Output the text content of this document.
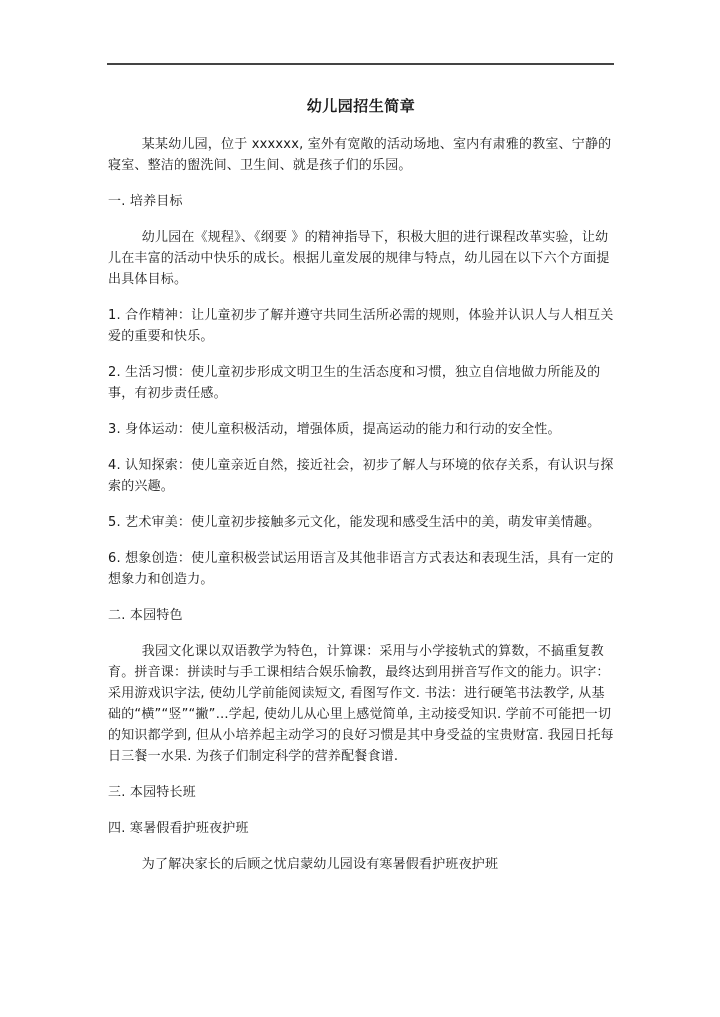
幼儿园招生简章

某某幼儿园，位于 xxxxxx, 室外有宽敞的活动场地、室内有肃雅的教室、宁静的寝室、整洁的盥洗间、卫生间、就是孩子们的乐园。

一. 培养目标

幼儿园在《规程》、《纲要 》的精神指导下，积极大胆的进行课程改革实验，让幼儿在丰富的活动中快乐的成长。根据儿童发展的规律与特点，幼儿园在以下六个方面提出具体目标。

1. 合作精神：让儿童初步了解并遵守共同生活所必需的规则，体验并认识人与人相互关爱的重要和快乐。

2. 生活习惯：使儿童初步形成文明卫生的生活态度和习惯，独立自信地做力所能及的事，有初步责任感。

3. 身体运动：使儿童积极活动，增强体质，提高运动的能力和行动的安全性。

4. 认知探索：使儿童亲近自然，接近社会，初步了解人与环境的依存关系，有认识与探索的兴趣。

5. 艺术审美：使儿童初步接触多元文化，能发现和感受生活中的美，萌发审美情趣。

6. 想象创造：使儿童积极尝试运用语言及其他非语言方式表达和表现生活，具有一定的想象力和创造力。

二. 本园特色

我园文化课以双语教学为特色，计算课：采用与小学接轨式的算数，不搞重复教育。拼音课：拼读时与手工课相结合娱乐愉教，最终达到用拼音写作文的能力。识字：采用游戏识字法, 使幼儿学前能阅读短文, 看图写作文. 书法：进行硬笔书法教学, 从基础的“横”“竖”“撇”…学起, 使幼儿从心里上感觉简单, 主动接受知识. 学前不可能把一切的知识都学到, 但从小培养起主动学习的良好习惯是其中身受益的宝贵财富. 我园日托每日三餐一水果. 为孩子们制定科学的营养配餐食谱.

三. 本园特长班

四. 寒暑假看护班夜护班

为了解决家长的后顾之忧启蒙幼儿园设有寒暑假看护班夜护班
